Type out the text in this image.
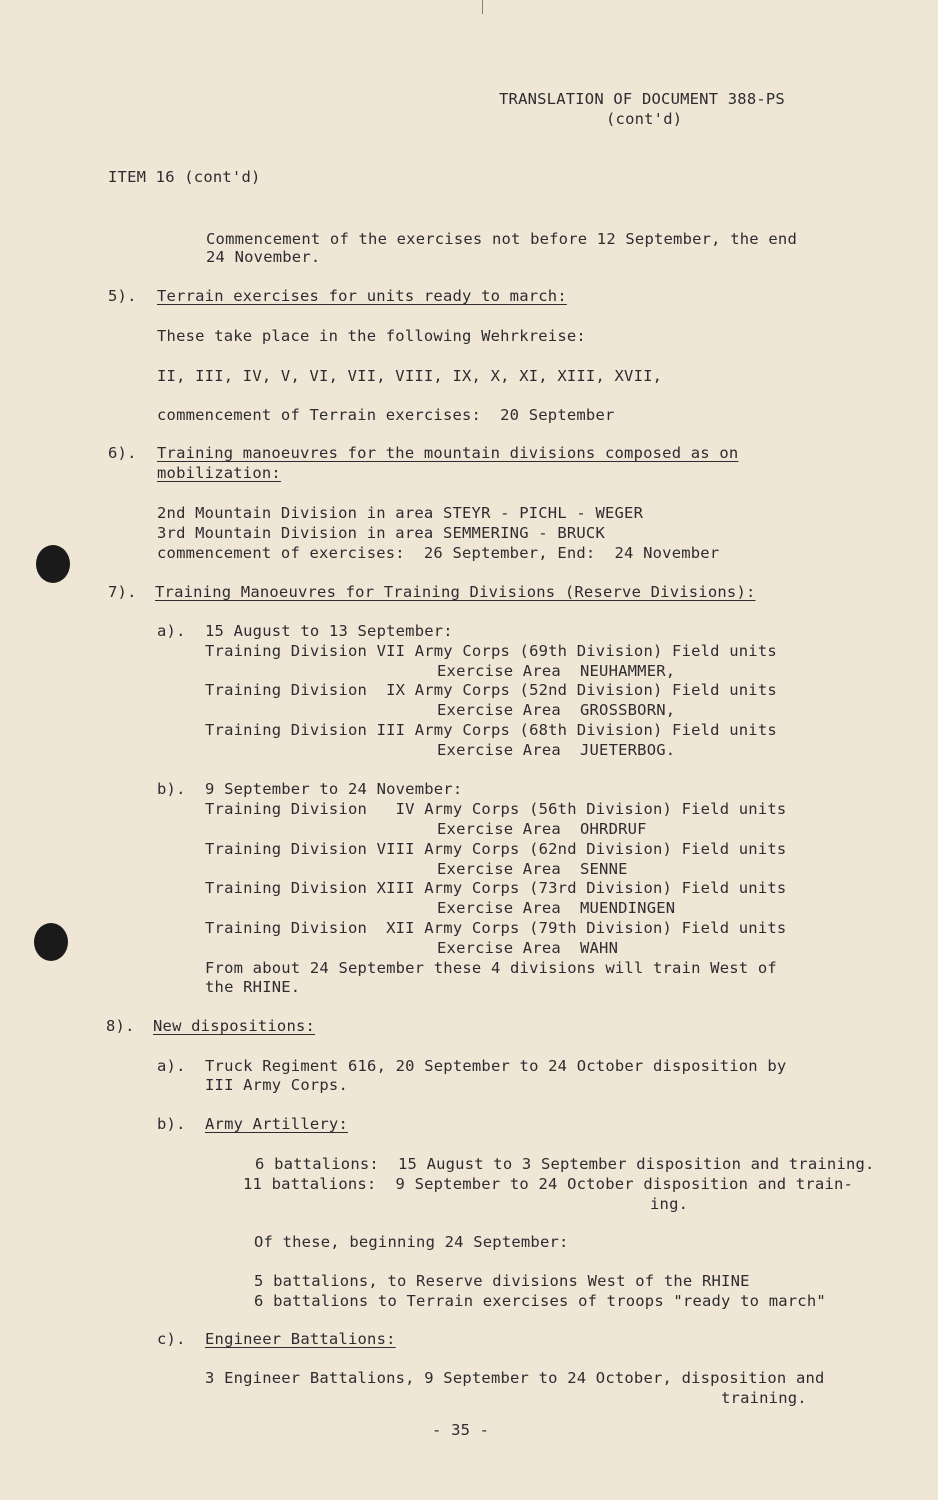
TRANSLATION OF DOCUMENT 388-PS
(cont'd)
ITEM 16 (cont'd)
Commencement of the exercises not before 12 September, the end
24 November.
5). Terrain exercises for units ready to march:
These take place in the following Wehrkreise:
II, III, IV, V, VI, VII, VIII, IX, X, XI, XIII, XVII,
commencement of Terrain exercises:  20 September
6). Training manoeuvres for the mountain divisions composed as on
mobilization:
2nd Mountain Division in area STEYR - PICHL - WEGER
3rd Mountain Division in area SEMMERING - BRUCK
commencement of exercises:  26 September, End:  24 November
7). Training Manoeuvres for Training Divisions (Reserve Divisions):
a). 15 August to 13 September:
Training Division VII Army Corps (69th Division) Field units
Exercise Area  NEUHAMMER,
Training Division  IX Army Corps (52nd Division) Field units
Exercise Area  GROSSBORN,
Training Division III Army Corps (68th Division) Field units
Exercise Area  JUETERBOG.
b). 9 September to 24 November:
Training Division   IV Army Corps (56th Division) Field units
Exercise Area  OHRDRUF
Training Division VIII Army Corps (62nd Division) Field units
Exercise Area  SENNE
Training Division XIII Army Corps (73rd Division) Field units
Exercise Area  MUENDINGEN
Training Division  XII Army Corps (79th Division) Field units
Exercise Area  WAHN
From about 24 September these 4 divisions will train West of
the RHINE.
8). New dispositions:
a). Truck Regiment 616, 20 September to 24 October disposition by
III Army Corps.
b). Army Artillery:
6 battalions:  15 August to 3 September disposition and training.
11 battalions:  9 September to 24 October disposition and train-
ing.
Of these, beginning 24 September:
5 battalions, to Reserve divisions West of the RHINE
6 battalions to Terrain exercises of troops "ready to march"
c). Engineer Battalions:
3 Engineer Battalions, 9 September to 24 October, disposition and
training.
- 35 -
